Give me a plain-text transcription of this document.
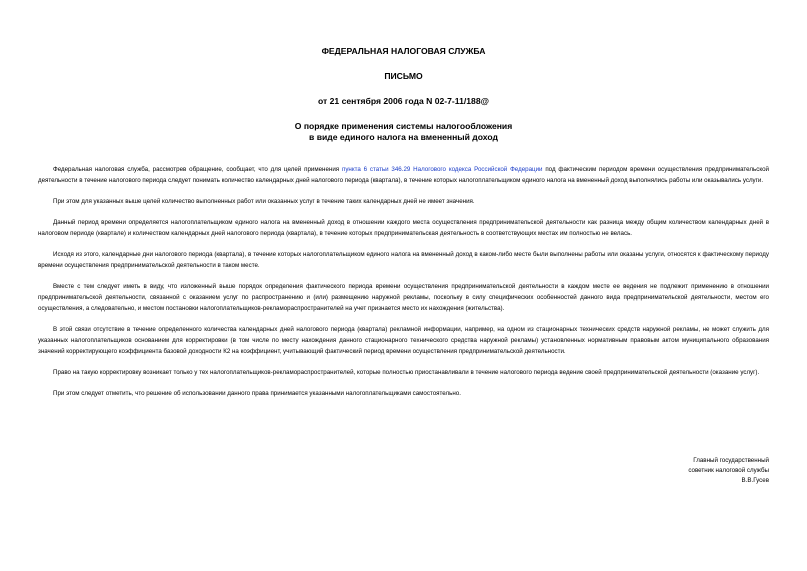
ФЕДЕРАЛЬНАЯ НАЛОГОВАЯ СЛУЖБА

ПИСЬМО

от 21 сентября 2006 года N 02-7-11/188@

О порядке применения системы налогообложения

в виде единого налога на вмененный доход

Федеральная налоговая служба, рассмотрев обращение, сообщает, что для целей применения пункта 6 статьи 346.29 Налогового кодекса Российской Федерации под фактическим периодом времени осуществления предпринимательской деятельности в течение налогового периода следует понимать количество календарных дней налогового периода (квартала), в течение которых налогоплательщиком единого налога на вмененный доход выполнялись работы или оказывались услуги.

При этом для указанных выше целей количество выполненных работ или оказанных услуг в течение таких календарных дней не имеет значения.

Данный период времени определяется налогоплательщиком единого налога на вмененный доход в отношении каждого места осуществления предпринимательской деятельности как разница между общим количеством календарных дней в налоговом периоде (квартале) и количеством календарных дней налогового периода (квартала), в течение которых предпринимательская деятельность в соответствующих местах им полностью не велась.

Исходя из этого, календарные дни налогового периода (квартала), в течение которых налогоплательщиком единого налога на вмененный доход в каком-либо месте были выполнены работы или оказаны услуги, относятся к фактическому периоду времени осуществления предпринимательской деятельности в таком месте.

Вместе с тем следует иметь в виду, что изложенный выше порядок определения фактического периода времени осуществления предпринимательской деятельности в каждом месте ее ведения не подлежит применению в отношении предпринимательской деятельности, связанной с оказанием услуг по распространению и (или) размещению наружной рекламы, поскольку в силу специфических особенностей данного вида предпринимательской деятельности, местом его осуществления, а следовательно, и местом постановки налогоплательщиков-рекламораспространителей на учет признается место их нахождения (жительства).

В этой связи отсутствие в течение определенного количества календарных дней налогового периода (квартала) рекламной информации, например, на одном из стационарных технических средств наружной рекламы, не может служить для указанных налогоплательщиков основанием для корректировки (в том числе по месту нахождения данного стационарного технического средства наружной рекламы) установленных нормативным правовым актом муниципального образования значений корректирующего коэффициента базовой доходности К2 на коэффициент, учитывающий фактический период времени осуществления предпринимательской деятельности.

Право на такую корректировку возникает только у тех налогоплательщиков-рекламораспространителей, которые полностью приостанавливали в течение налогового периода ведение своей предпринимательской деятельности (оказание услуг).

При этом следует отметить, что решение об использовании данного права принимается указанными налогоплательщиками самостоятельно.

Главный государственный
советник налоговой службы
В.В.Гусев
